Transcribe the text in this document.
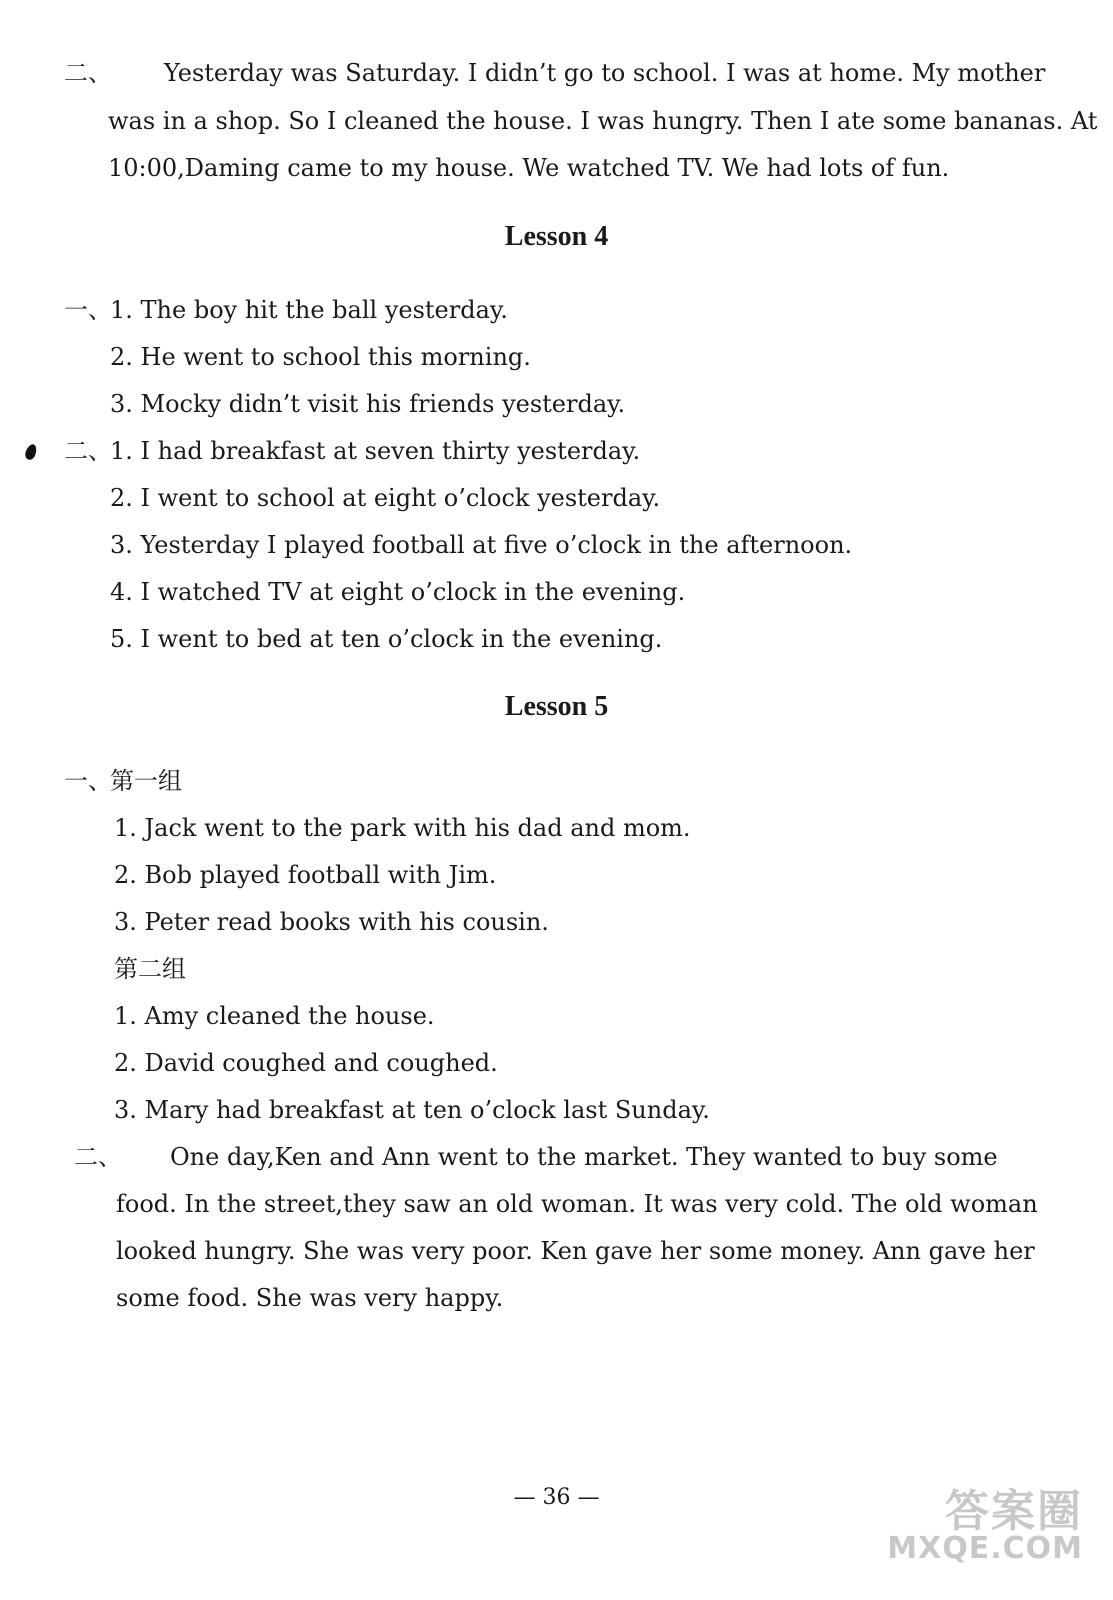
二、 Yesterday was Saturday. I didn’t go to school. I was at home. My mother
was in a shop. So I cleaned the house. I was hungry. Then I ate some bananas. At
10:00,Daming came to my house. We watched TV. We had lots of fun.
Lesson 4
一、
1. The boy hit the ball yesterday.
2. He went to school this morning.
3. Mocky didn’t visit his friends yesterday.
二、
1. I had breakfast at seven thirty yesterday.
2. I went to school at eight o’clock yesterday.
3. Yesterday I played football at five o’clock in the afternoon.
4. I watched TV at eight o’clock in the evening.
5. I went to bed at ten o’clock in the evening.
Lesson 5
一、
第一组
1. Jack went to the park with his dad and mom.
2. Bob played football with Jim.
3. Peter read books with his cousin.
第二组
1. Amy cleaned the house.
2. David coughed and coughed.
3. Mary had breakfast at ten o’clock last Sunday.
二、 One day,Ken and Ann went to the market. They wanted to buy some
food. In the street,they saw an old woman. It was very cold. The old woman
looked hungry. She was very poor. Ken gave her some money. Ann gave her
some food. She was very happy.
— 36 —	答案圈
MXQE.COM
